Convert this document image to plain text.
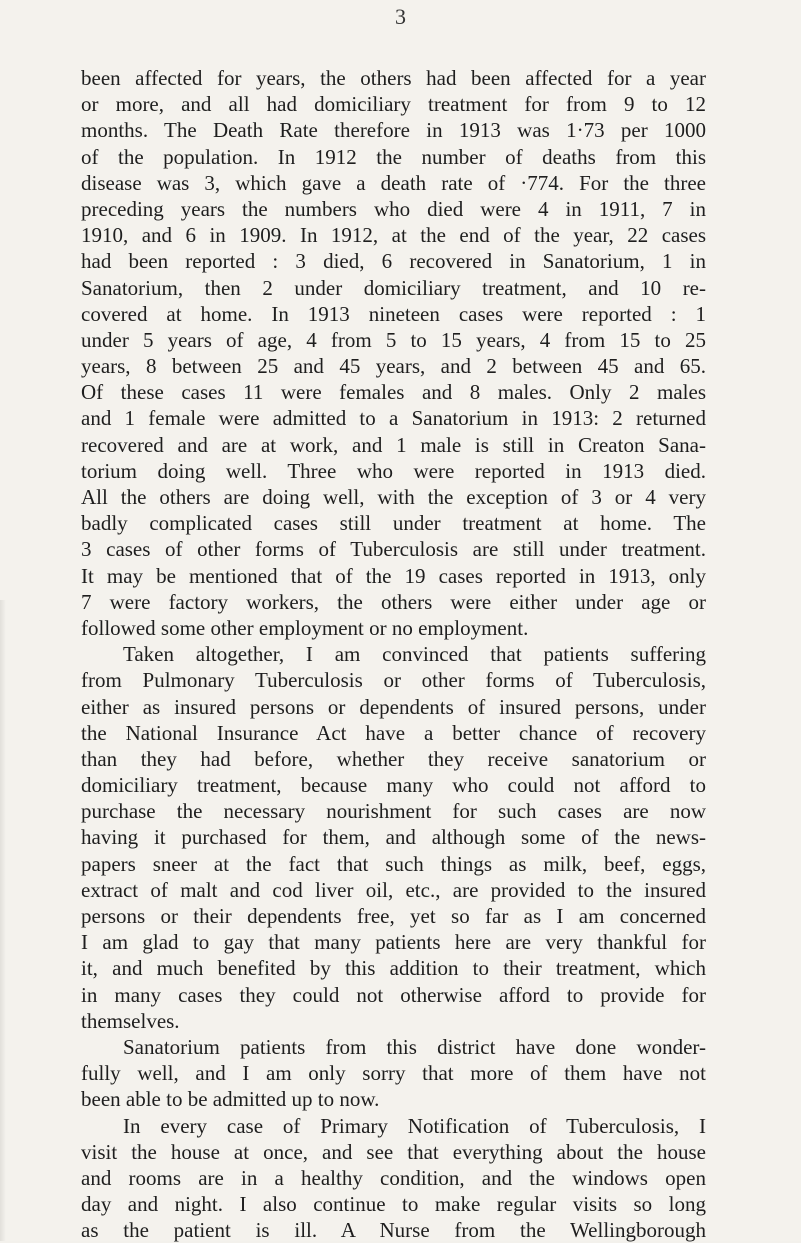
3
been affected for years, the others had been affected for a year
or more, and all had domiciliary treatment for from 9 to 12
months. The Death Rate therefore in 1913 was 1·73 per 1000
of the population. In 1912 the number of deaths from this
disease was 3, which gave a death rate of ·774. For the three
preceding years the numbers who died were 4 in 1911, 7 in
1910, and 6 in 1909. In 1912, at the end of the year, 22 cases
had been reported : 3 died, 6 recovered in Sanatorium, 1 in
Sanatorium, then 2 under domiciliary treatment, and 10 re-
covered at home. In 1913 nineteen cases were reported : 1
under 5 years of age, 4 from 5 to 15 years, 4 from 15 to 25
years, 8 between 25 and 45 years, and 2 between 45 and 65.
Of these cases 11 were females and 8 males. Only 2 males
and 1 female were admitted to a Sanatorium in 1913: 2 returned
recovered and are at work, and 1 male is still in Creaton Sana-
torium doing well. Three who were reported in 1913 died.
All the others are doing well, with the exception of 3 or 4 very
badly complicated cases still under treatment at home. The
3 cases of other forms of Tuberculosis are still under treatment.
It may be mentioned that of the 19 cases reported in 1913, only
7 were factory workers, the others were either under age or
followed some other employment or no employment.
Taken altogether, I am convinced that patients suffering
from Pulmonary Tuberculosis or other forms of Tuberculosis,
either as insured persons or dependents of insured persons, under
the National Insurance Act have a better chance of recovery
than they had before, whether they receive sanatorium or
domiciliary treatment, because many who could not afford to
purchase the necessary nourishment for such cases are now
having it purchased for them, and although some of the news-
papers sneer at the fact that such things as milk, beef, eggs,
extract of malt and cod liver oil, etc., are provided to the insured
persons or their dependents free, yet so far as I am concerned
I am glad to gay that many patients here are very thankful for
it, and much benefited by this addition to their treatment, which
in many cases they could not otherwise afford to provide for
themselves.
Sanatorium patients from this district have done wonder-
fully well, and I am only sorry that more of them have not
been able to be admitted up to now.
In every case of Primary Notification of Tuberculosis, I
visit the house at once, and see that everything about the house
and rooms are in a healthy condition, and the windows open
day and night. I also continue to make regular visits so long
as the patient is ill. A Nurse from the Wellingborough
